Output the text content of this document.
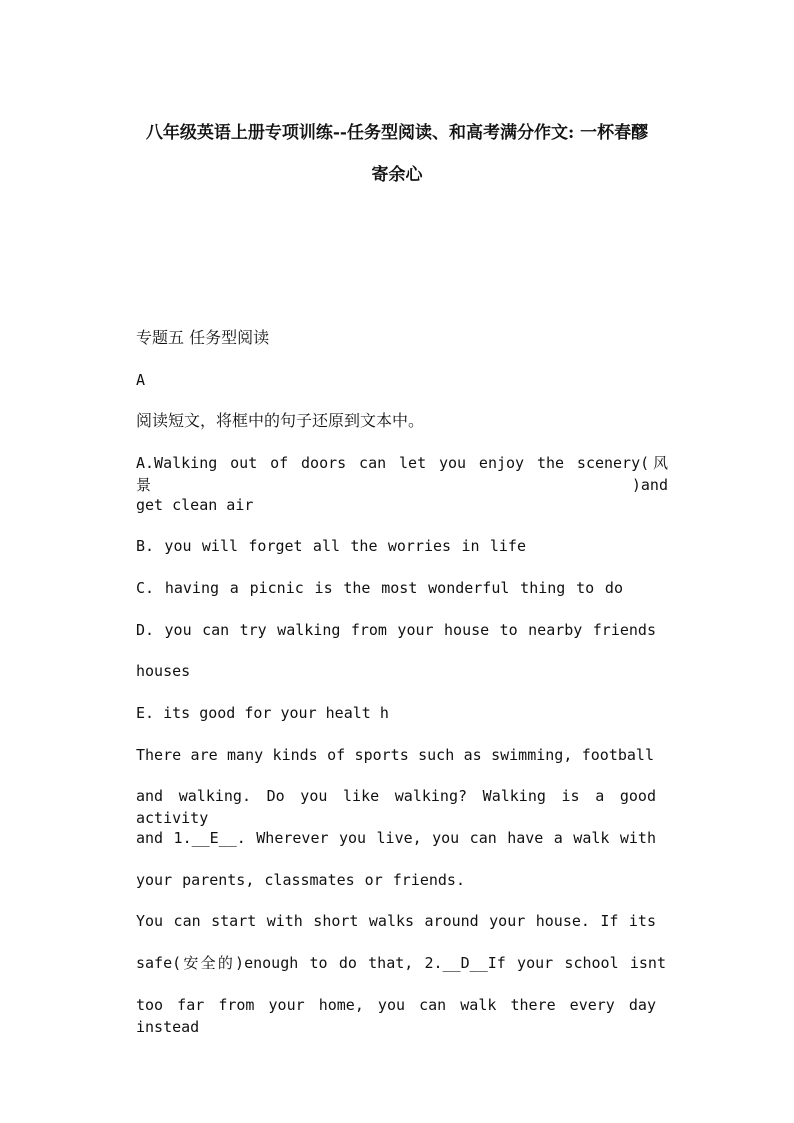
八年级英语上册专项训练--任务型阅读、和高考满分作文: 一杯春醪
寄余心
专题五 任务型阅读
A
阅读短文，将框中的句子还原到文本中。
A.Walking out of doors can let you enjoy the scenery(风景)and
get clean air
B. you will forget all the worries in life
C. having a picnic is the most wonderful thing to do
D. you can try walking from your house to nearby friends
houses
E. its good for your healt h
There are many kinds of sports such as swimming, football
and walking. Do you like walking? Walking is a good activity
and 1.__E__. Wherever you live, you can have a walk with
your parents, classmates or friends.
You can start with short walks around your house. If its
safe(安全的)enough to do that, 2.__D__If your school isnt
too far from your home, you can walk there every day instead
